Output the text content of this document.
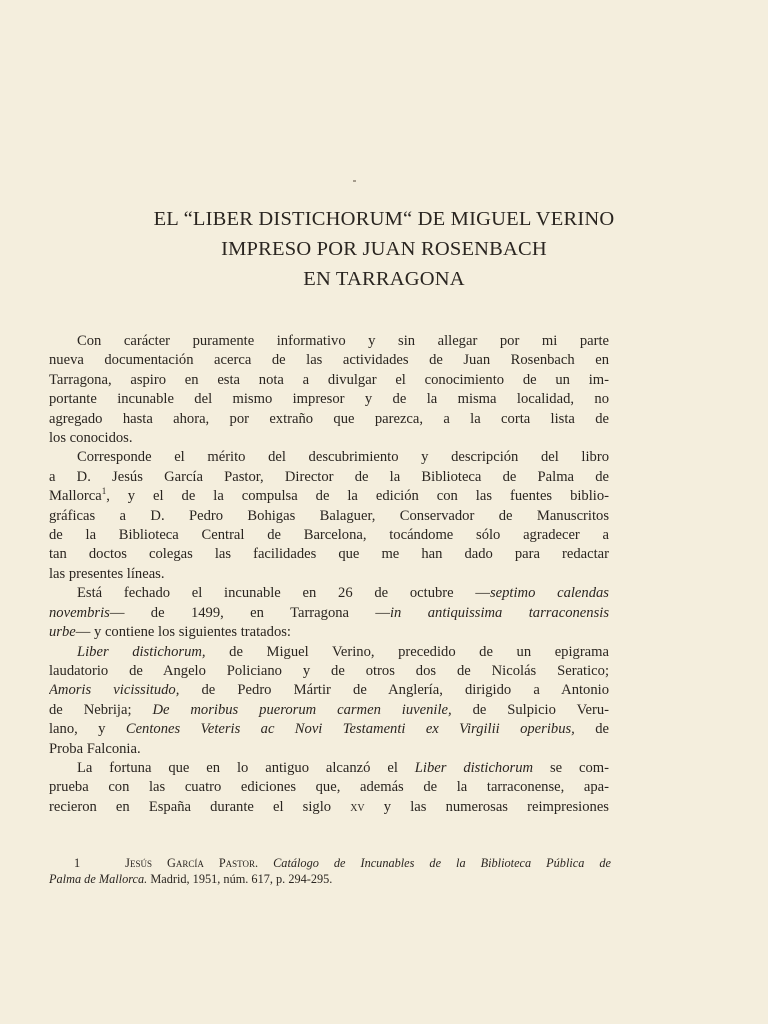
EL “LIBER DISTICHORUM“ DE MIGUEL VERINO
IMPRESO POR JUAN ROSENBACH
EN TARRAGONA
Con carácter puramente informativo y sin allegar por mi parte
nueva documentación acerca de las actividades de Juan Rosenbach en
Tarragona, aspiro en esta nota a divulgar el conocimiento de un im-
portante incunable del mismo impresor y de la misma localidad, no
agregado hasta ahora, por extraño que parezca, a la corta lista de
los conocidos.
Corresponde el mérito del descubrimiento y descripción del libro
a D. Jesús García Pastor, Director de la Biblioteca de Palma de
Mallorca$^1$, y el de la compulsa de la edición con las fuentes biblio-
gráficas a D. Pedro Bohigas Balaguer, Conservador de Manuscritos
de la Biblioteca Central de Barcelona, tocándome sólo agradecer a
tan doctos colegas las facilidades que me han dado para redactar
las presentes líneas.
Está fechado el incunable en 26 de octubre —septimo calendas
novembris— de 1499, en Tarragona —in antiquissima tarraconensis
urbe— y contiene los siguientes tratados:
Liber distichorum, de Miguel Verino, precedido de un epigrama
laudatorio de Angelo Policiano y de otros dos de Nicolás Seratico;
Amoris vicissitudo, de Pedro Mártir de Anglería, dirigido a Antonio
de Nebrija; De moribus puerorum carmen iuvenile, de Sulpicio Veru-
lano, y Centones Veteris ac Novi Testamenti ex Virgilii operibus, de
Proba Falconia.
La fortuna que en lo antiguo alcanzó el Liber distichorum se com-
prueba con las cuatro ediciones que, además de la tarraconense, apa-
recieron en España durante el siglo xv y las numerosas reimpresiones
1	Jesús García Pastor. Catálogo de Incunables de la Biblioteca Pública de
Palma de Mallorca. Madrid, 1951, núm. 617, p. 294-295.
